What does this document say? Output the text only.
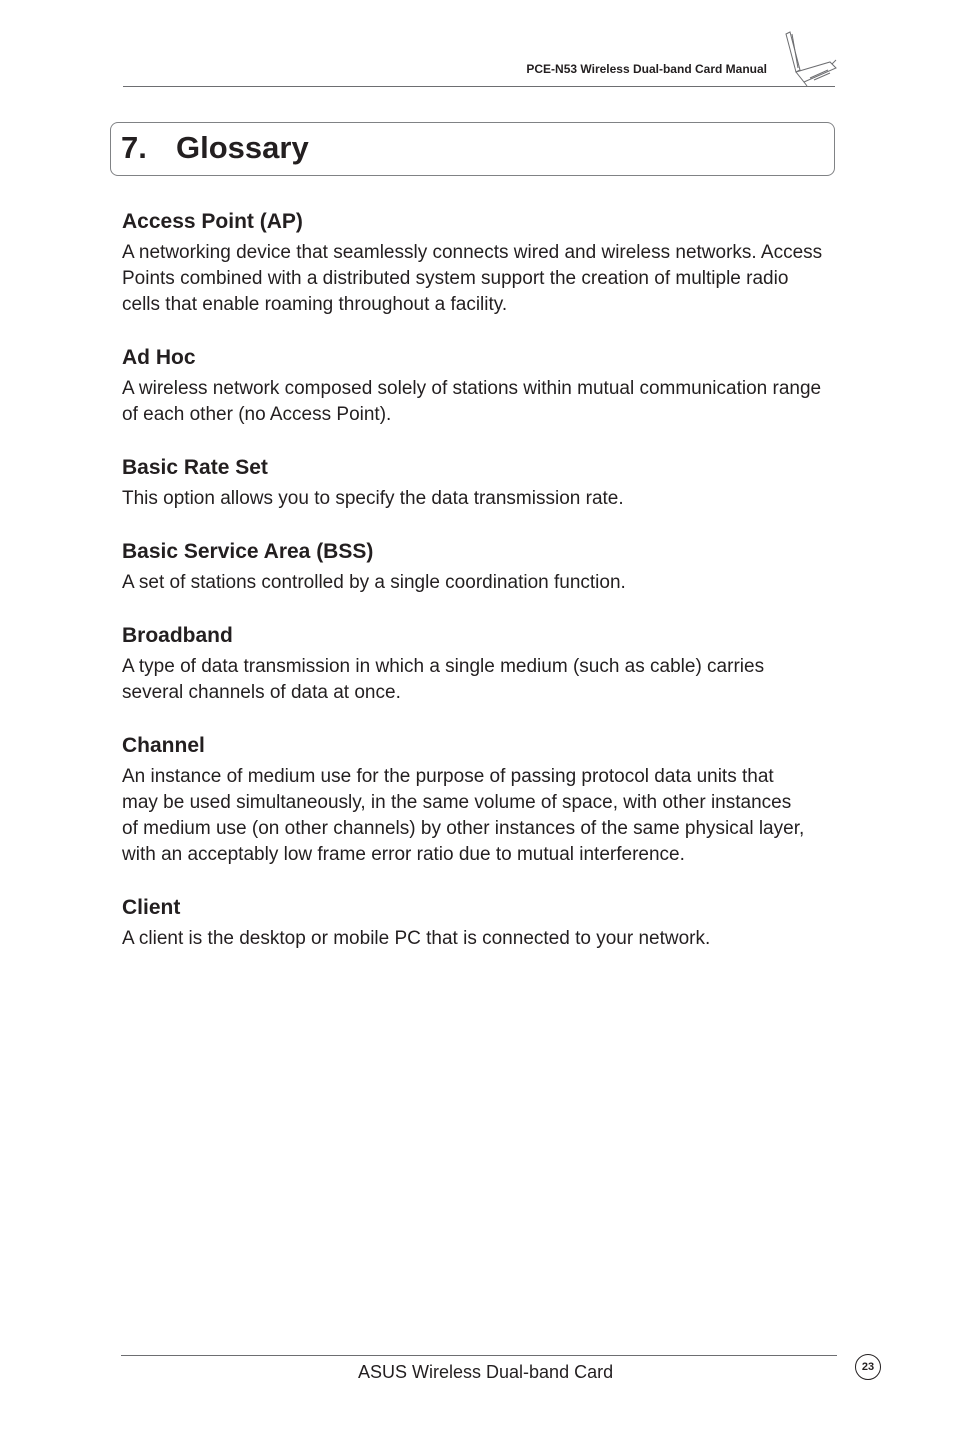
PCE-N53 Wireless Dual-band Card Manual
7. Glossary
Access Point (AP)

A networking device that seamlessly connects wired and wireless networks. Access
Points combined with a distributed system support the creation of multiple radio
cells that enable roaming throughout a facility.

Ad Hoc

A wireless network composed solely of stations within mutual communication range
of each other (no Access Point).

Basic Rate Set

This option allows you to specify the data transmission rate.

Basic Service Area (BSS)

A set of stations controlled by a single coordination function.

Broadband

A type of data transmission in which a single medium (such as cable) carries
several channels of data at once.

Channel

An instance of medium use for the purpose of passing protocol data units that
may be used simultaneously, in the same volume of space, with other instances
of medium use (on other channels) by other instances of the same physical layer,
with an acceptably low frame error ratio due to mutual interference.

Client

A client is the desktop or mobile PC that is connected to your network.

ASUS Wireless Dual-band Card	23
